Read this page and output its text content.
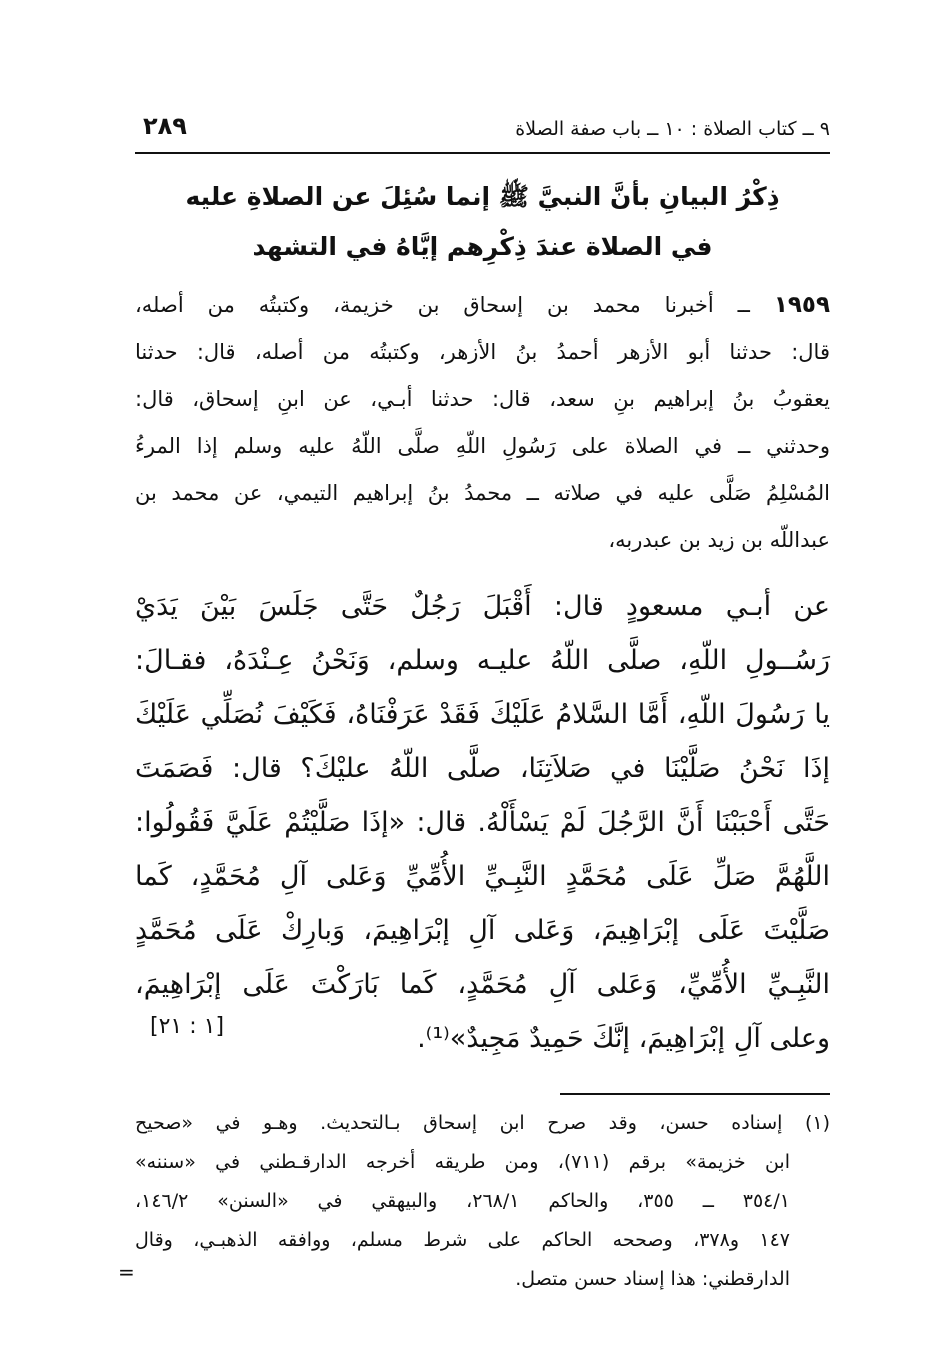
٩ ــ كتاب الصلاة : ١٠ ــ باب صفة الصلاة
٢٨٩
ذِكْرُ البيانِ بأنَّ النبيَّ ﷺ إنما سُئِلَ عن الصلاةِ عليه
في الصلاة عندَ ذِكْرِهم إيَّاهُ في التشهد
١٩٥٩ ــ أخبرنا محمد بن إسحاق بن خزيمة، وكتبتُه من أصله،
قال: حدثنا أبو الأزهر أحمدُ بنُ الأزهر، وكتبتُه من أصله، قال: حدثنا
يعقوبُ بنُ إبراهيم بنِ سعد، قال: حدثنا أبـي، عن ابنِ إسحاق، قال:
وحدثني ــ في الصلاة على رَسُولِ اللّهِ صلَّى اللّهُ عليه وسلم إذا المرءُ
المُسْلِمُ صَلَّى عليه في صلاته ــ محمدُ بنُ إبراهيم التيمي، عن محمد بن
عبداللّه بن زيد بن عبدربه،
عن أبـي مسعودٍ قال: أَقْبَلَ رَجُلٌ حَتَّى جَلَسَ بَيْنَ يَدَيْ
رَسُــولِ اللّهِ، صلَّى اللّهُ عليـه وسلم، وَنَحْنُ عِـنْدَهُ، فقـالَ:
يا رَسُولَ اللّهِ، أَمَّا السَّلامُ عَلَيْكَ فَقَدْ عَرَفْنَاهُ، فَكَيْفَ نُصَلِّي عَلَيْكَ
إذَا نَحْنُ صَلَّيْنَا في صَلاَتِنَا، صلَّى اللّهُ عليْكَ؟ قال: فَصَمَتَ
حَتَّى أَحْبَبْنَا أَنَّ الرَّجُلَ لَمْ يَسْأَلْهُ. قال: «إذَا صَلَّيْتُمْ عَلَيَّ فَقُولُوا:
اللَّهُمَّ صَلِّ عَلَى مُحَمَّدٍ النَّبِـيِّ الأُمِّيِّ وَعَلى آلِ مُحَمَّدٍ، كَما
صَلَّيْتَ عَلَى إبْرَاهِيمَ، وَعَلى آلِ إبْرَاهِيمَ، وَبارِكْ عَلَى مُحَمَّدٍ
النَّبِـيِّ الأُمِّيِّ، وَعَلى آلِ مُحَمَّدٍ، كَما بَارَكْتَ عَلَى إبْرَاهِيمَ،
وعلى آلِ إبْرَاهِيمَ، إنَّكَ حَمِيدٌ مَجِيدٌ»⁽¹⁾.
[١ : ٢١]
(١) إسناده حسن، وقد صرح ابن إسحاق بـالتحديث. وهـو في «صحيح
ابن خزيمة» برقم (٧١١)، ومن طريقه أخرجه الدارقـطني في «سننه»
٣٥٤/١ ــ ٣٥٥، والحاكم ٢٦٨/١، والبيهقي في «السنن» ١٤٦/٢،
١٤٧ و٣٧٨، وصححه الحاكم على شرط مسلم، ووافقه الذهبـي، وقال
الدارقطني: هذا إسناد حسن متصل.
=
